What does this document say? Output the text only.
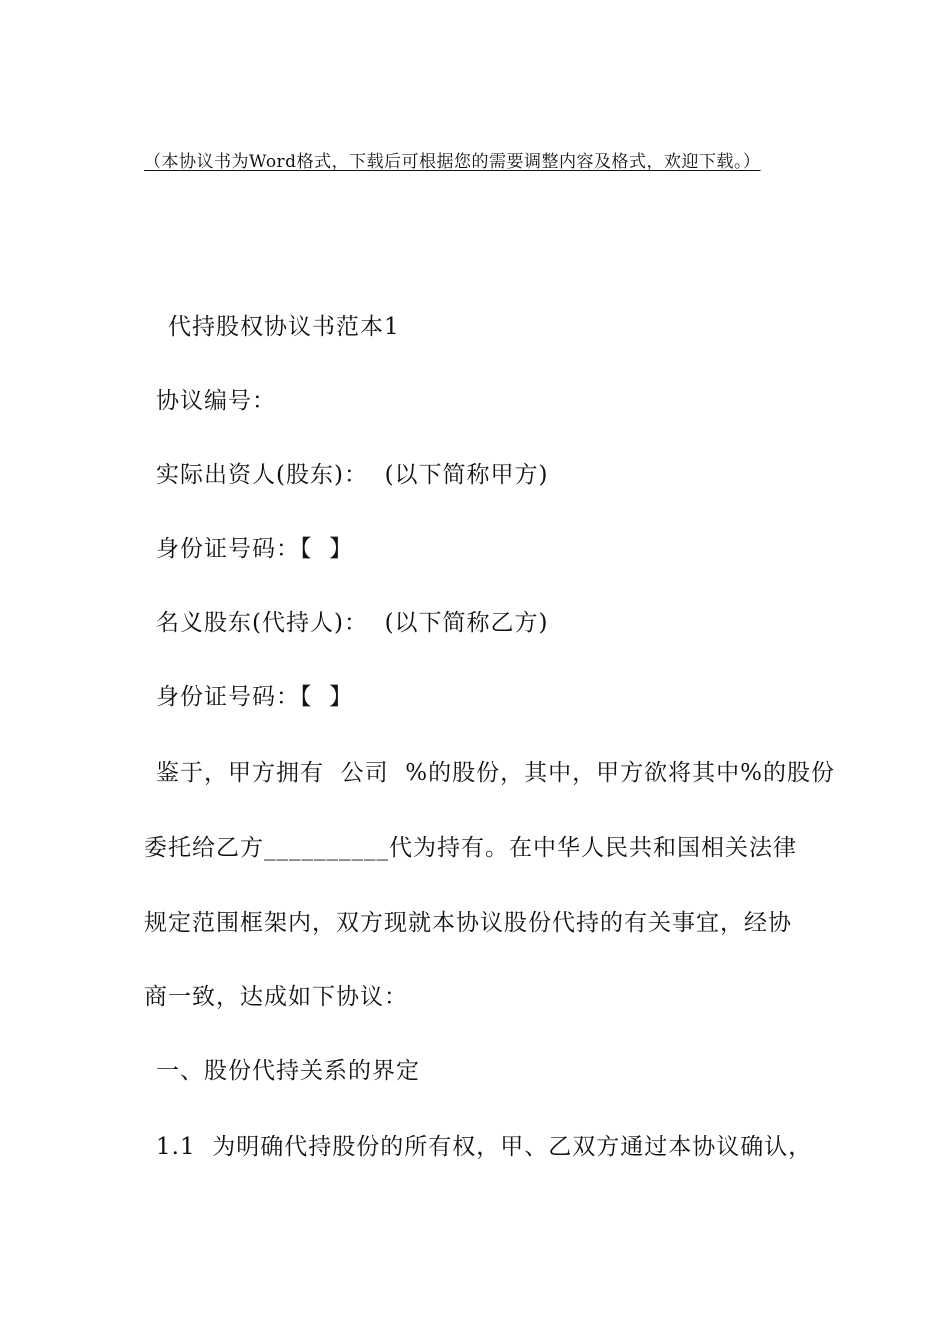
（本协议书为Word格式，下载后可根据您的需要调整内容及格式，欢迎下载。）
代持股权协议书范本1
协议编号：
实际出资人(股东)：  (以下简称甲方)
身份证号码：【  】
名义股东(代持人)：  (以下简称乙方)
身份证号码：【  】
鉴于，甲方拥有  公司  %的股份，其中，甲方欲将其中%的股份
委托给乙方__________代为持有。在中华人民共和国相关法律
规定范围框架内，双方现就本协议股份代持的有关事宜，经协
商一致，达成如下协议：
一、股份代持关系的界定
1.1  为明确代持股份的所有权，甲、乙双方通过本协议确认，
